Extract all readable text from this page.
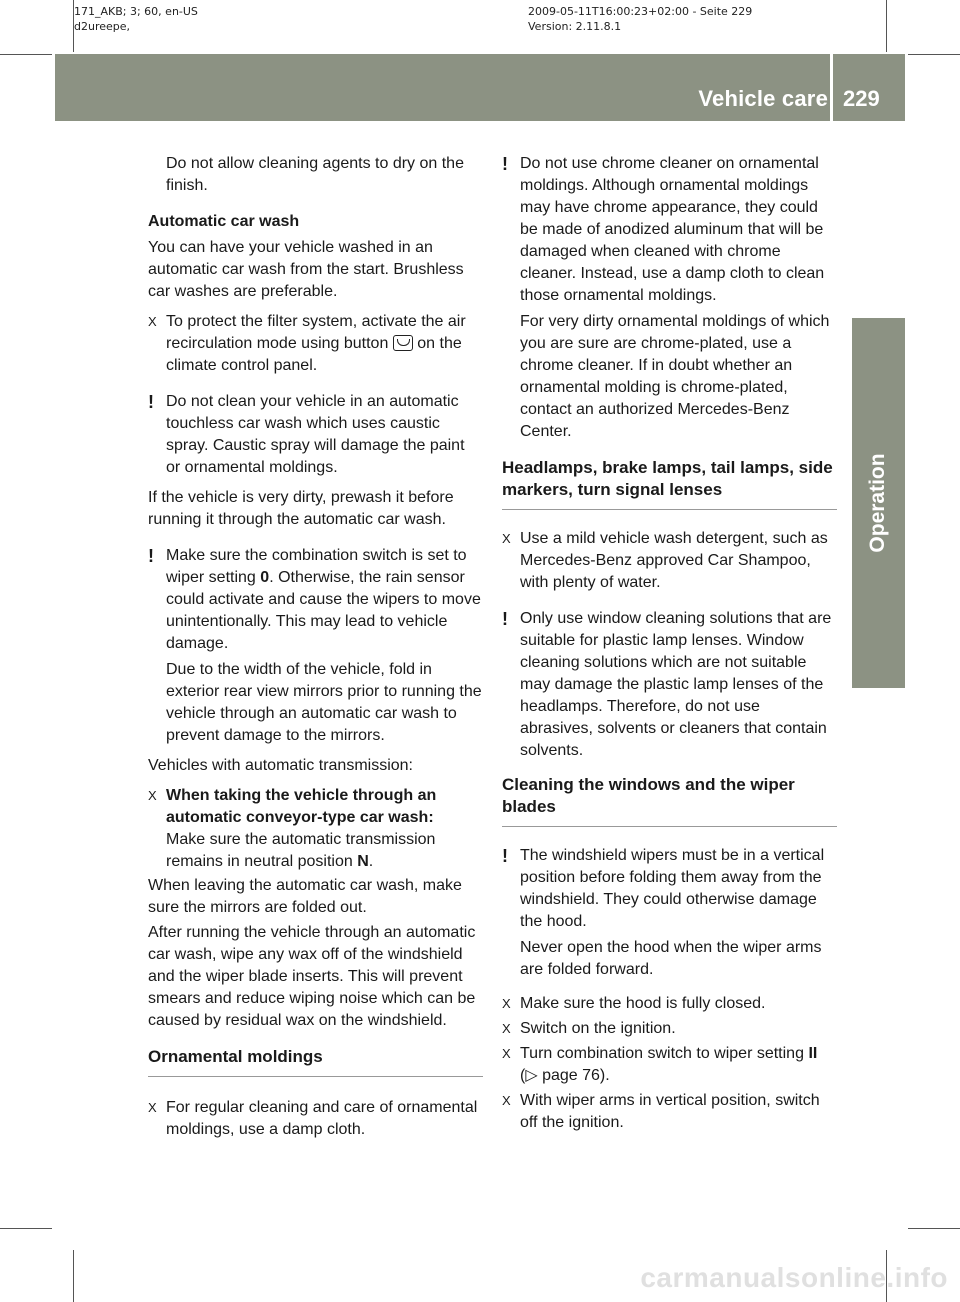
171_AKB; 3; 60, en-US
d2ureepe,
2009-05-11T16:00:23+02:00 - Seite 229
Version: 2.11.8.1
Vehicle care 229
Operation

Do not allow cleaning agents to dry on the finish.

Automatic car wash

You can have your vehicle washed in an automatic car wash from the start. Brushless car washes are preferable.

X To protect the filter system, activate the air recirculation mode using button on the climate control panel.

! Do not clean your vehicle in an automatic touchless car wash which uses caustic spray. Caustic spray will damage the paint or ornamental moldings.

If the vehicle is very dirty, prewash it before running it through the automatic car wash.

! Make sure the combination switch is set to wiper setting 0. Otherwise, the rain sensor could activate and cause the wipers to move unintentionally. This may lead to vehicle damage.

Due to the width of the vehicle, fold in exterior rear view mirrors prior to running the vehicle through an automatic car wash to prevent damage to the mirrors.

Vehicles with automatic transmission:

X When taking the vehicle through an automatic conveyor-type car wash:

Make sure the automatic transmission remains in neutral position N.

When leaving the automatic car wash, make sure the mirrors are folded out.

After running the vehicle through an automatic car wash, wipe any wax off of the windshield and the wiper blade inserts. This will prevent smears and reduce wiping noise which can be caused by residual wax on the windshield.

Ornamental moldings

X For regular cleaning and care of ornamental moldings, use a damp cloth.

! Do not use chrome cleaner on ornamental moldings. Although ornamental moldings may have chrome appearance, they could be made of anodized aluminum that will be damaged when cleaned with chrome cleaner. Instead, use a damp cloth to clean those ornamental moldings.

For very dirty ornamental moldings of which you are sure are chrome-plated, use a chrome cleaner. If in doubt whether an ornamental molding is chrome-plated, contact an authorized Mercedes-Benz Center.

Headlamps, brake lamps, tail lamps, side markers, turn signal lenses

X Use a mild vehicle wash detergent, such as Mercedes-Benz approved Car Shampoo, with plenty of water.

! Only use window cleaning solutions that are suitable for plastic lamp lenses. Window cleaning solutions which are not suitable may damage the plastic lamp lenses of the headlamps. Therefore, do not use abrasives, solvents or cleaners that contain solvents.

Cleaning the windows and the wiper blades

! The windshield wipers must be in a vertical position before folding them away from the windshield. They could otherwise damage the hood.

Never open the hood when the wiper arms are folded forward.

X Make sure the hood is fully closed.

X Switch on the ignition.

X Turn combination switch to wiper setting II (▷ page 76).

X With wiper arms in vertical position, switch off the ignition.

carmanualsonline.info
